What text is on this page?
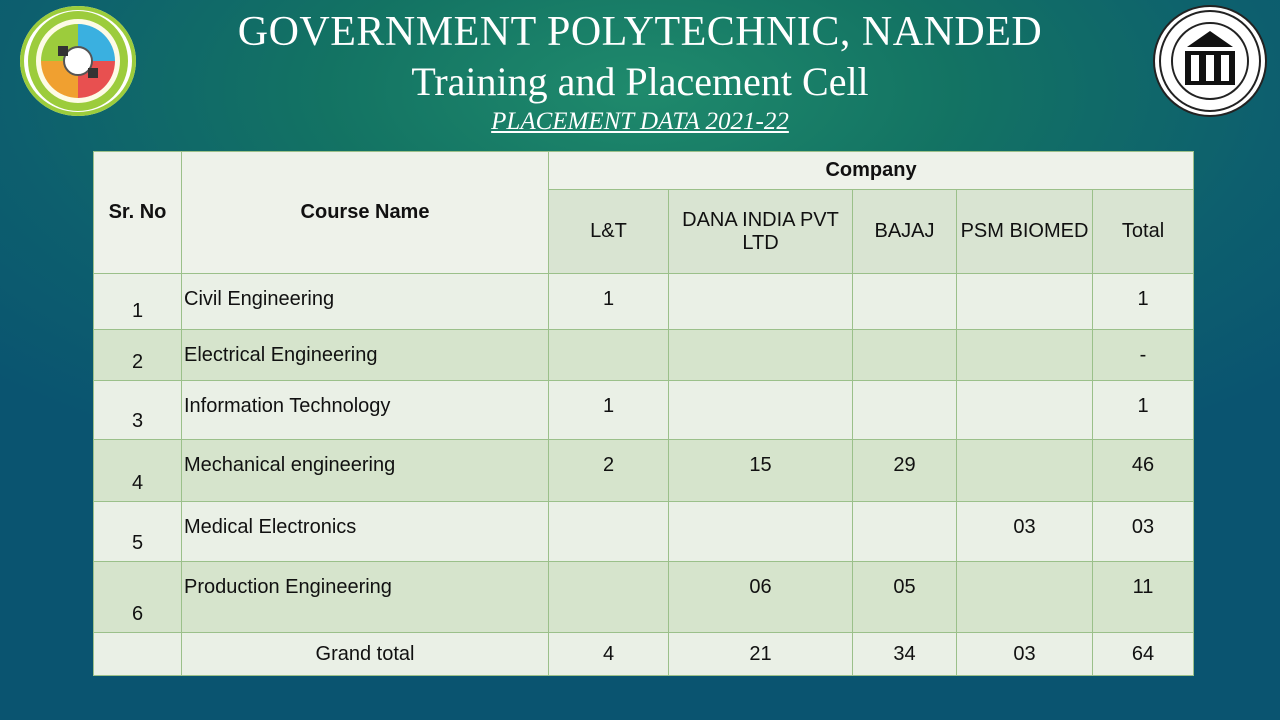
GOVERNMENT POLYTECHNIC, NANDED
Training and Placement Cell
PLACEMENT DATA 2021-22
Sr. No	Course Name	Company				
		L&T	DANA INDIA PVT LTD	BAJAJ	PSM BIOMED	Total
1	Civil Engineering	1				1
2	Electrical Engineering					-
3	Information Technology	1				1
4	Mechanical engineering	2	15	29		46
5	Medical Electronics				03	03
6	Production Engineering		06	05		11
	Grand total	4	21	34	03	64
